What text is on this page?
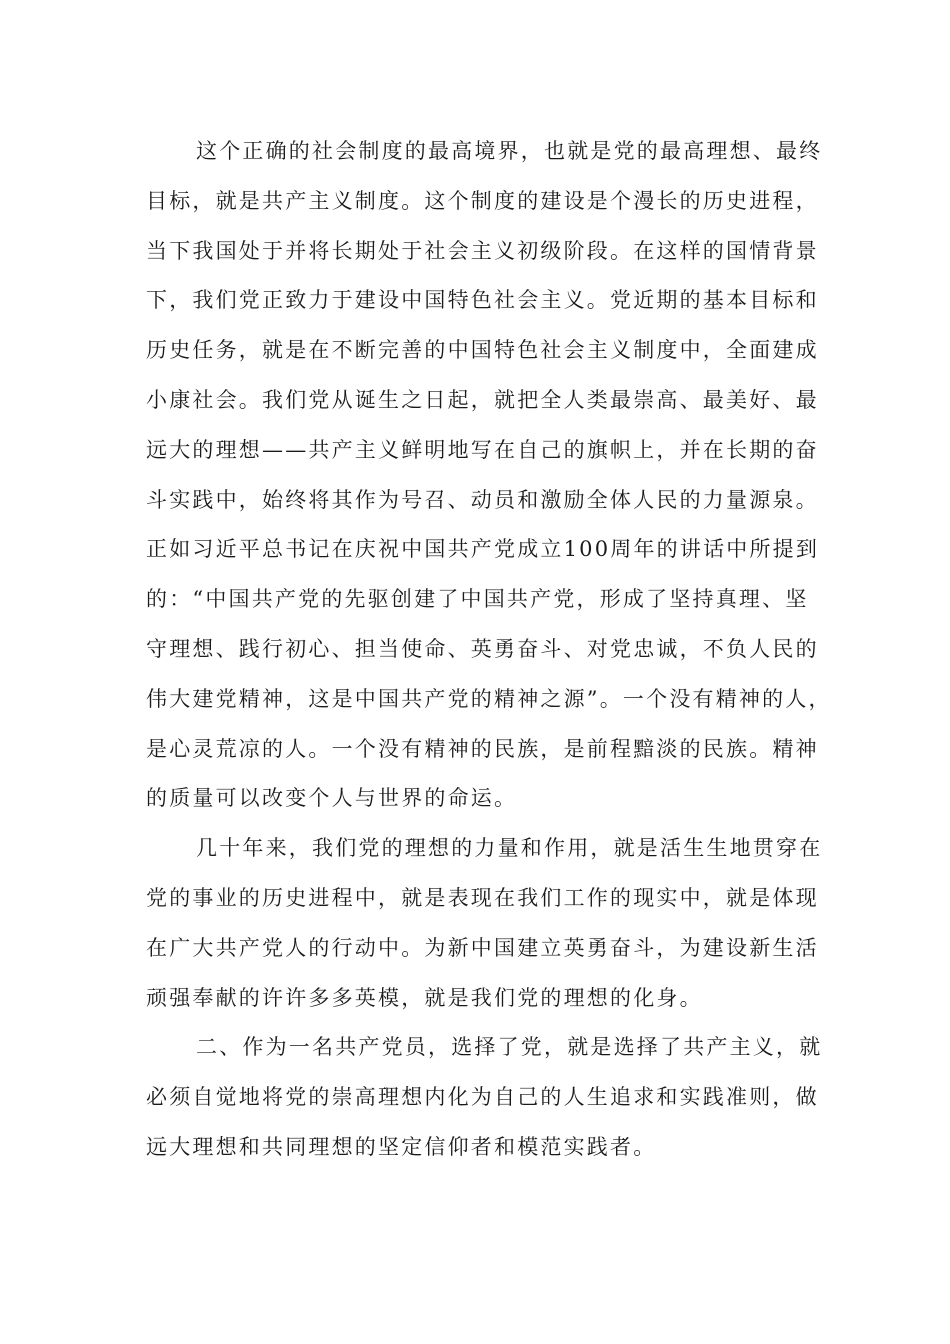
这个正确的社会制度的最高境界，也就是党的最高理想、最终
目标，就是共产主义制度。这个制度的建设是个漫长的历史进程，
当下我国处于并将长期处于社会主义初级阶段。在这样的国情背景
下，我们党正致力于建设中国特色社会主义。党近期的基本目标和
历史任务，就是在不断完善的中国特色社会主义制度中，全面建成
小康社会。我们党从诞生之日起，就把全人类最崇高、最美好、最
远大的理想——共产主义鲜明地写在自己的旗帜上，并在长期的奋
斗实践中，始终将其作为号召、动员和激励全体人民的力量源泉。
正如习近平总书记在庆祝中国共产党成立100周年的讲话中所提到
的：“中国共产党的先驱创建了中国共产党，形成了坚持真理、坚
守理想、践行初心、担当使命、英勇奋斗、对党忠诚，不负人民的
伟大建党精神，这是中国共产党的精神之源”。一个没有精神的人，
是心灵荒凉的人。一个没有精神的民族，是前程黯淡的民族。精神
的质量可以改变个人与世界的命运。
几十年来，我们党的理想的力量和作用，就是活生生地贯穿在
党的事业的历史进程中，就是表现在我们工作的现实中，就是体现
在广大共产党人的行动中。为新中国建立英勇奋斗，为建设新生活
顽强奉献的许许多多英模，就是我们党的理想的化身。
二、作为一名共产党员，选择了党，就是选择了共产主义，就
必须自觉地将党的崇高理想内化为自己的人生追求和实践准则，做
远大理想和共同理想的坚定信仰者和模范实践者。
